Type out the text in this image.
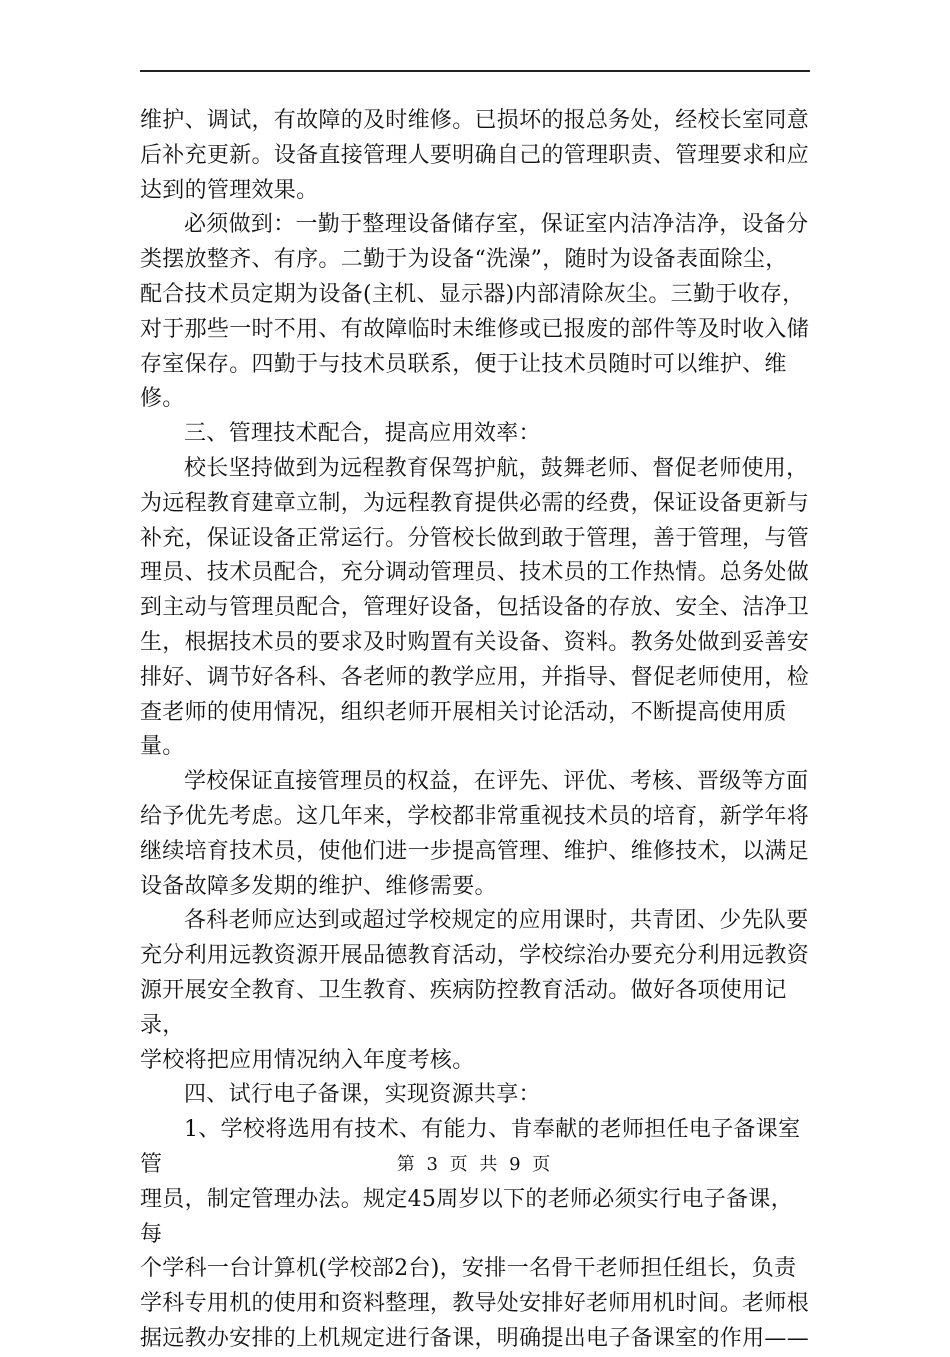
维护、调试，有故障的及时维修。已损坏的报总务处，经校长室同意
后补充更新。设备直接管理人要明确自己的管理职责、管理要求和应
达到的管理效果。

必须做到：一勤于整理设备储存室，保证室内洁净洁净，设备分
类摆放整齐、有序。二勤于为设备“洗澡”，随时为设备表面除尘，
配合技术员定期为设备(主机、显示器)内部清除灰尘。三勤于收存，
对于那些一时不用、有故障临时未维修或已报废的部件等及时收入储
存室保存。四勤于与技术员联系，便于让技术员随时可以维护、维修。

三、管理技术配合，提高应用效率：

校长坚持做到为远程教育保驾护航，鼓舞老师、督促老师使用，
为远程教育建章立制，为远程教育提供必需的经费，保证设备更新与
补充，保证设备正常运行。分管校长做到敢于管理，善于管理，与管
理员、技术员配合，充分调动管理员、技术员的工作热情。总务处做
到主动与管理员配合，管理好设备，包括设备的存放、安全、洁净卫
生，根据技术员的要求及时购置有关设备、资料。教务处做到妥善安
排好、调节好各科、各老师的教学应用，并指导、督促老师使用，检
查老师的使用情况，组织老师开展相关讨论活动，不断提高使用质量。

学校保证直接管理员的权益，在评先、评优、考核、晋级等方面
给予优先考虑。这几年来，学校都非常重视技术员的培育，新学年将
继续培育技术员，使他们进一步提高管理、维护、维修技术，以满足
设备故障多发期的维护、维修需要。

各科老师应达到或超过学校规定的应用课时，共青团、少先队要
充分利用远教资源开展品德教育活动，学校综治办要充分利用远教资
源开展安全教育、卫生教育、疾病防控教育活动。做好各项使用记录，
学校将把应用情况纳入年度考核。

四、试行电子备课，实现资源共享：

1、学校将选用有技术、有能力、肯奉献的老师担任电子备课室管
理员，制定管理办法。规定45周岁以下的老师必须实行电子备课，每
个学科一台计算机(学校部2台)，安排一名骨干老师担任组长，负责
学科专用机的使用和资料整理，教导处安排好老师用机时间。老师根
据远教办安排的上机规定进行备课，明确提出电子备课室的作用——

第 3 页 共 9 页
